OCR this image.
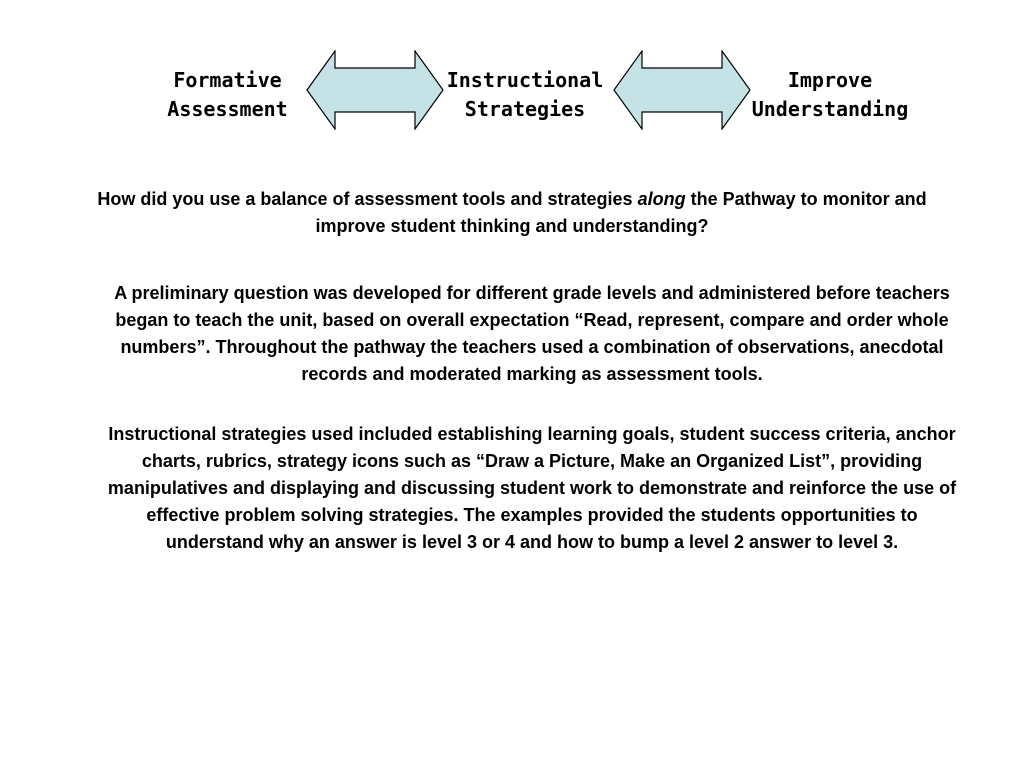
Formative
Assessment
Instructional
Strategies
Improve
Understanding
How did you use a balance of assessment tools and strategies along the Pathway to monitor and improve student thinking and understanding?

A preliminary question was developed for different grade levels and administered before teachers began to teach the unit, based on overall expectation “Read, represent, compare and order whole numbers”. Throughout the pathway the teachers used a combination of observations, anecdotal records and moderated marking as assessment tools.

Instructional strategies used included establishing learning goals, student success criteria, anchor charts, rubrics, strategy icons such as “Draw a Picture, Make an Organized List”, providing manipulatives and displaying and discussing student work to demonstrate and reinforce the use of effective problem solving strategies. The examples provided the students opportunities to understand why an answer is level 3 or 4 and how to bump a level 2 answer to level 3.
